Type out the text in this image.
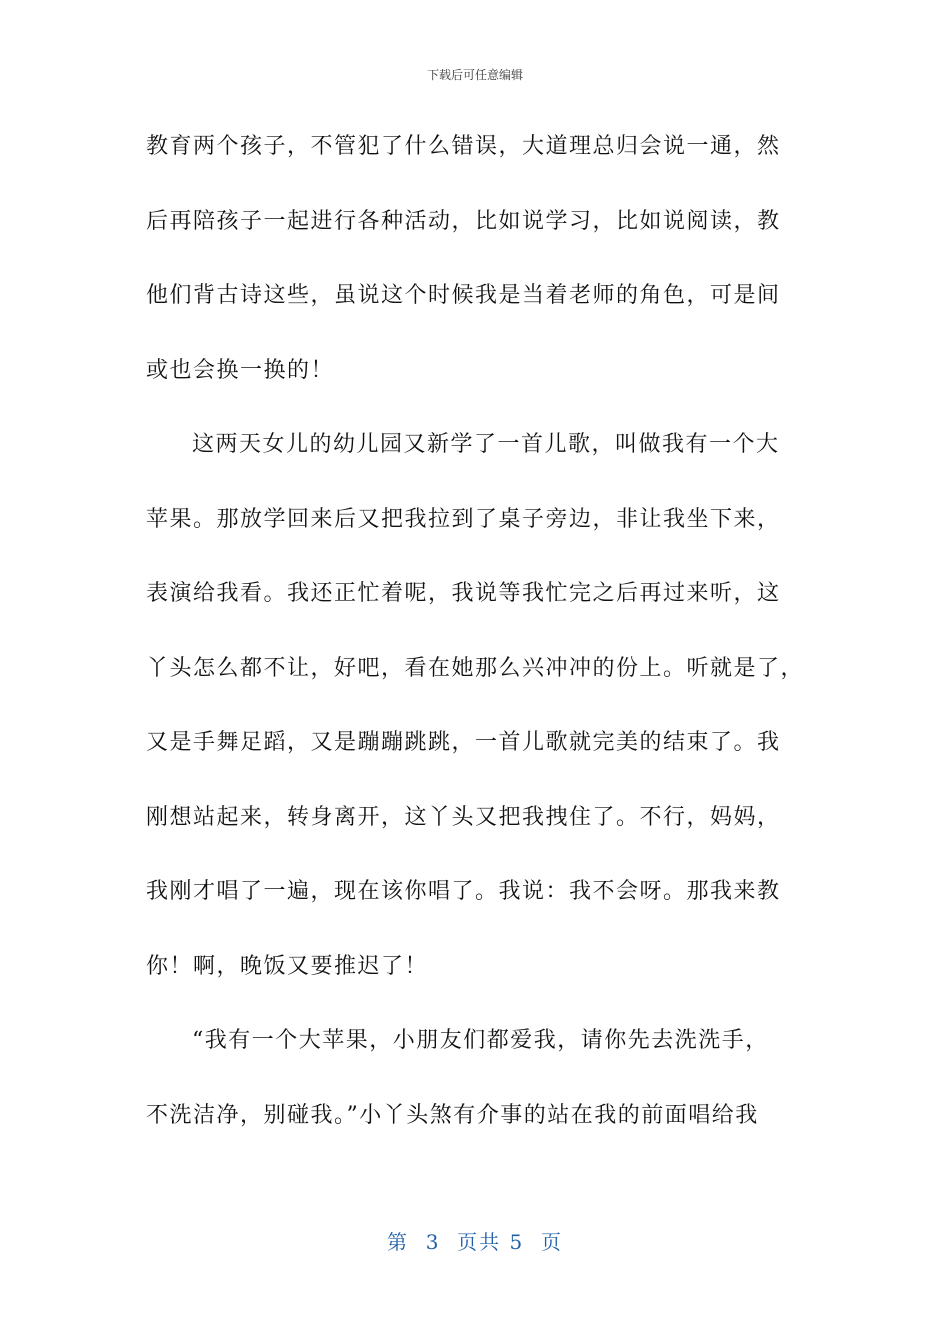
下载后可任意编辑
教育两个孩子，不管犯了什么错误，大道理总归会说一通，然
后再陪孩子一起进行各种活动，比如说学习，比如说阅读，教
他们背古诗这些，虽说这个时候我是当着老师的角色，可是间
或也会换一换的！
这两天女儿的幼儿园又新学了一首儿歌，叫做我有一个大
苹果。那放学回来后又把我拉到了桌子旁边，非让我坐下来，
表演给我看。我还正忙着呢，我说等我忙完之后再过来听，这
丫头怎么都不让，好吧，看在她那么兴冲冲的份上。听就是了，
又是手舞足蹈，又是蹦蹦跳跳，一首儿歌就完美的结束了。我
刚想站起来，转身离开，这丫头又把我拽住了。不行，妈妈，
我刚才唱了一遍，现在该你唱了。我说：我不会呀。那我来教
你！啊，晚饭又要推迟了！
“我有一个大苹果，小朋友们都爱我，请你先去洗洗手，
不洗洁净，别碰我。”小丫头煞有介事的站在我的前面唱给我
第  3  页共 5  页
